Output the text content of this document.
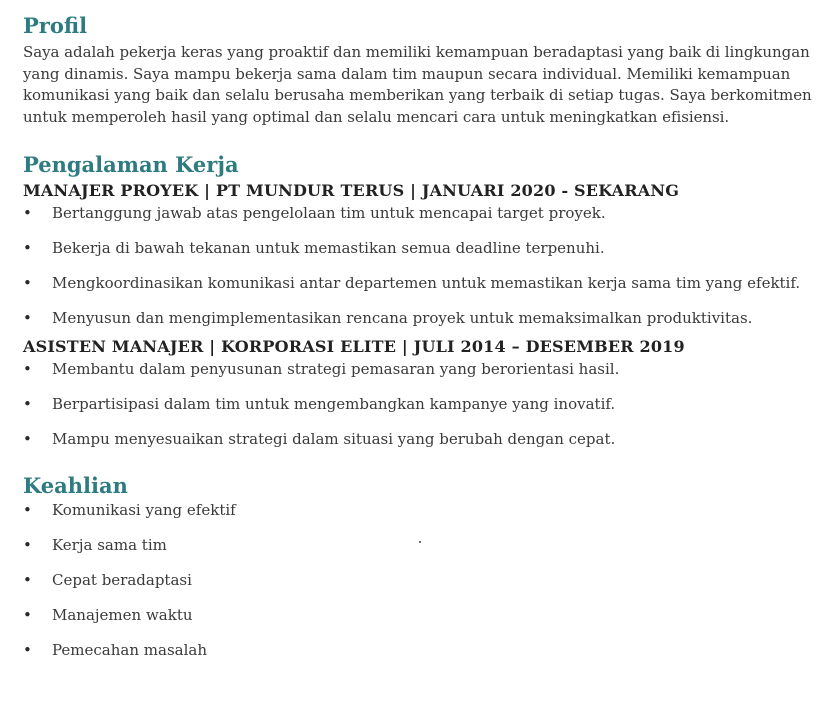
Profil

Saya adalah pekerja keras yang proaktif dan memiliki kemampuan beradaptasi yang baik di lingkungan yang dinamis. Saya mampu bekerja sama dalam tim maupun secara individual. Memiliki kemampuan komunikasi yang baik dan selalu berusaha memberikan yang terbaik di setiap tugas. Saya berkomitmen untuk memperoleh hasil yang optimal dan selalu mencari cara untuk meningkatkan efisiensi.

Pengalaman Kerja
MANAJER PROYEK | PT MUNDUR TERUS | JANUARI 2020 - SEKARANG
• Bertanggung jawab atas pengelolaan tim untuk mencapai target proyek.
• Bekerja di bawah tekanan untuk memastikan semua deadline terpenuhi.
• Mengkoordinasikan komunikasi antar departemen untuk memastikan kerja sama tim yang efektif.
• Menyusun dan mengimplementasikan rencana proyek untuk memaksimalkan produktivitas.
ASISTEN MANAJER | KORPORASI ELITE | JULI 2014 – DESEMBER 2019
• Membantu dalam penyusunan strategi pemasaran yang berorientasi hasil.
• Berpartisipasi dalam tim untuk mengembangkan kampanye yang inovatif.
• Mampu menyesuaikan strategi dalam situasi yang berubah dengan cepat.
Keahlian
• Komunikasi yang efektif
• Kerja sama tim
• Cepat beradaptasi
• Manajemen waktu
• Pemecahan masalah
